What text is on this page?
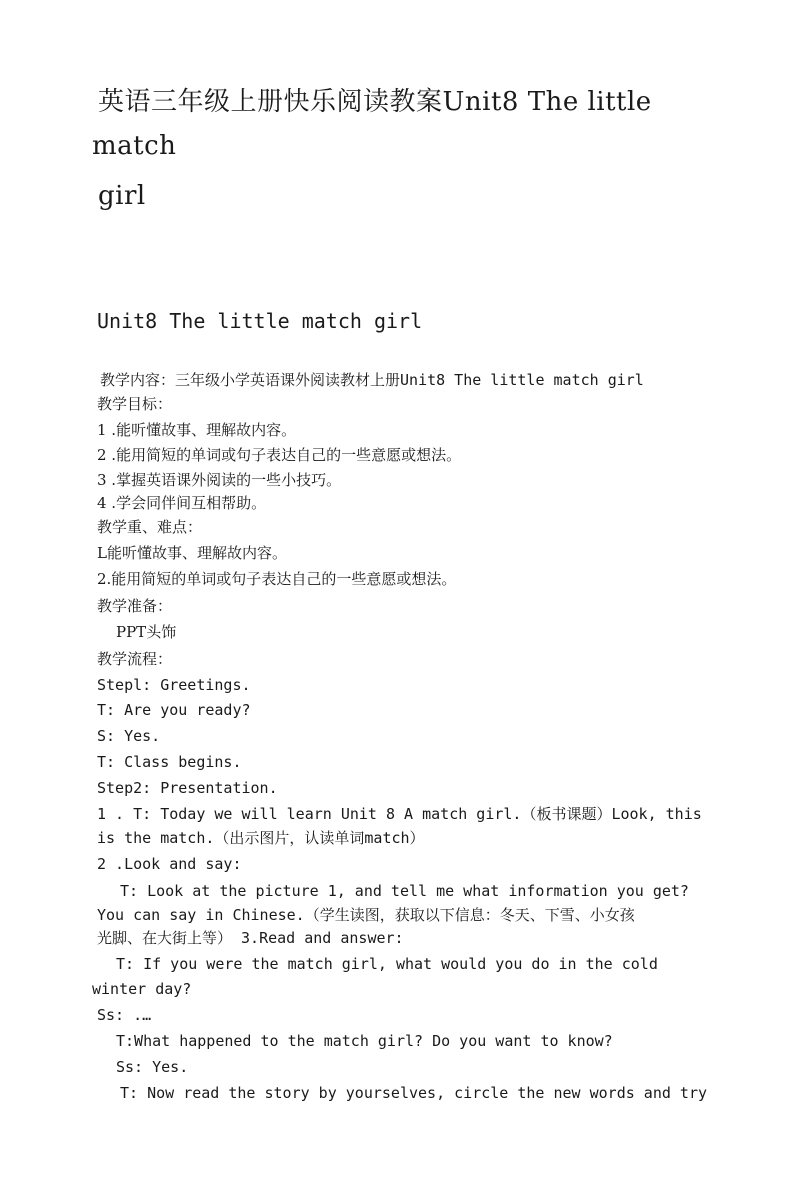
英语三年级上册快乐阅读教案Unit8 The little
match
girl
Unit8 The little match girl
教学内容：三年级小学英语课外阅读教材上册Unit8 The little match girl
教学目标：
1 .能听懂故事、理解故内容。
2 .能用简短的单词或句子表达自己的一些意愿或想法。
3 .掌握英语课外阅读的一些小技巧。
4 .学会同伴间互相帮助。
教学重、难点：
L能听懂故事、理解故内容。
2.能用简短的单词或句子表达自己的一些意愿或想法。
教学准备：
PPT头饰
教学流程：
Stepl: Greetings.
T: Are you ready?
S: Yes.
T: Class begins.
Step2: Presentation.
1 . T: Today we will learn Unit 8 A match girl.（板书课题）Look, this
is the match.（出示图片，认读单词match）
2 .Look and say:
T: Look at the picture 1, and tell me what information you get?
You can say in Chinese.（学生读图，获取以下信息：冬天、下雪、小女孩
光脚、在大街上等） 3.Read and answer:
T: If you were the match girl, what would you do in the cold
winter day?
Ss: .…
T:What happened to the match girl? Do you want to know?
Ss: Yes.
T: Now read the story by yourselves, circle the new words and try
